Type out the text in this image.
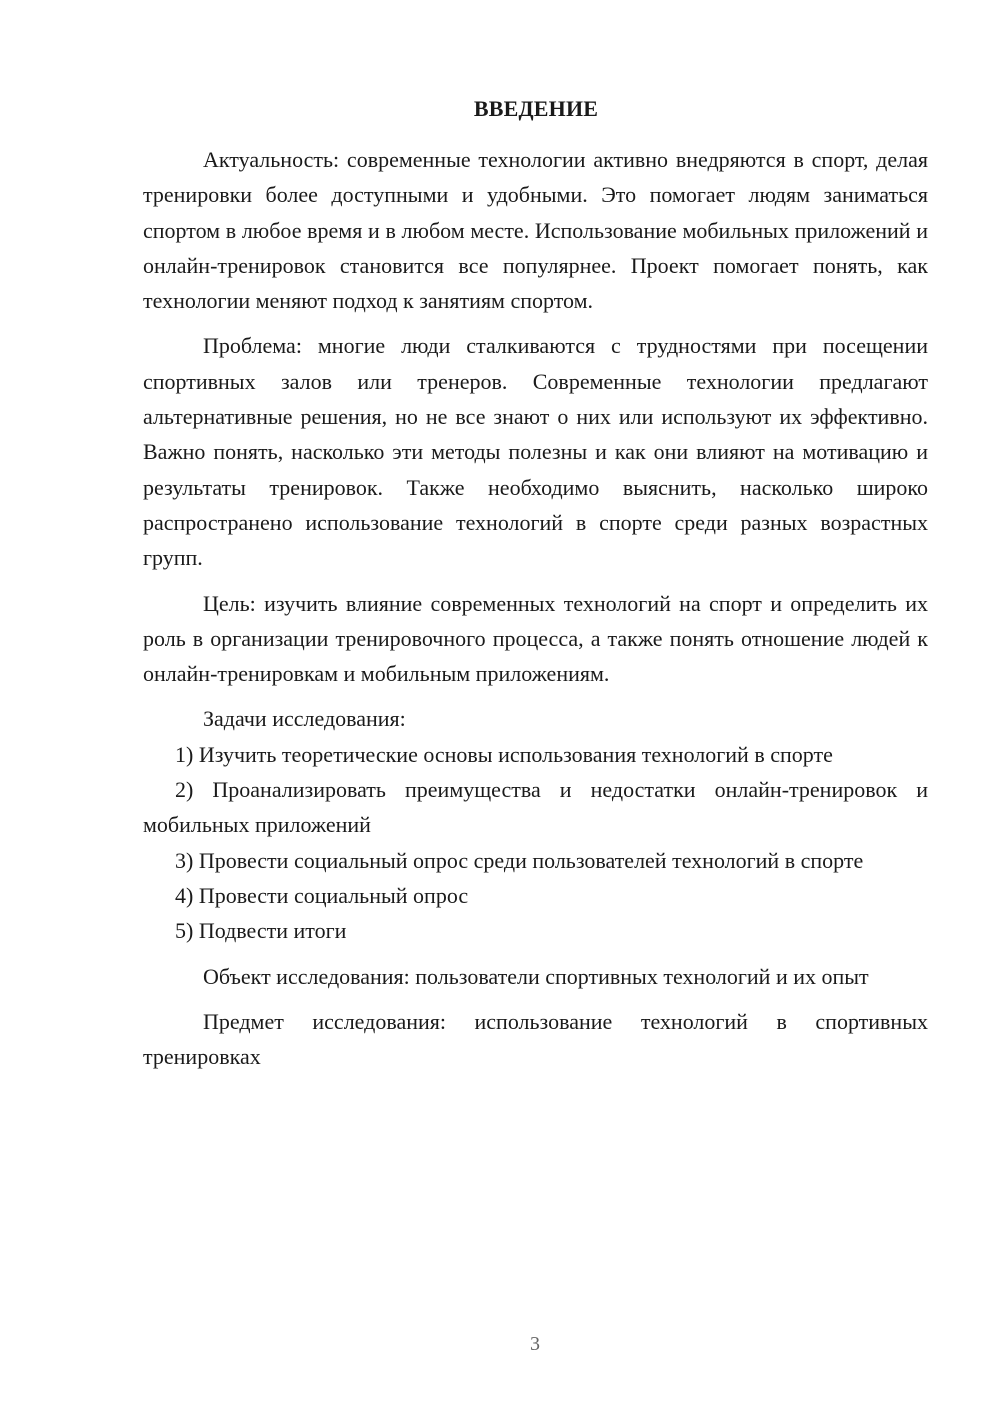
ВВЕДЕНИЕ

Актуальность: современные технологии активно внедряются в спорт, делая тренировки более доступными и удобными. Это помогает людям заниматься спортом в любое время и в любом месте. Использование мобильных приложений и онлайн-тренировок становится все популярнее. Проект помогает понять, как технологии меняют подход к занятиям спортом.

Проблема: многие люди сталкиваются с трудностями при посещении спортивных залов или тренеров. Современные технологии предлагают альтернативные решения, но не все знают о них или используют их эффективно. Важно понять, насколько эти методы полезны и как они влияют на мотивацию и результаты тренировок. Также необходимо выяснить, насколько широко распространено использование технологий в спорте среди разных возрастных групп.

Цель: изучить влияние современных технологий на спорт и определить их роль в организации тренировочного процесса, а также понять отношение людей к онлайн-тренировкам и мобильным приложениям.

Задачи исследования:

1) Изучить теоретические основы использования технологий в спорте

2) Проанализировать преимущества и недостатки онлайн-тренировок и мобильных приложений

3) Провести социальный опрос среди пользователей технологий в спорте

4) Провести социальный опрос

5) Подвести итоги

Объект исследования: пользователи спортивных технологий и их опыт

Предмет исследования: использование технологий в спортивных тренировках

3
